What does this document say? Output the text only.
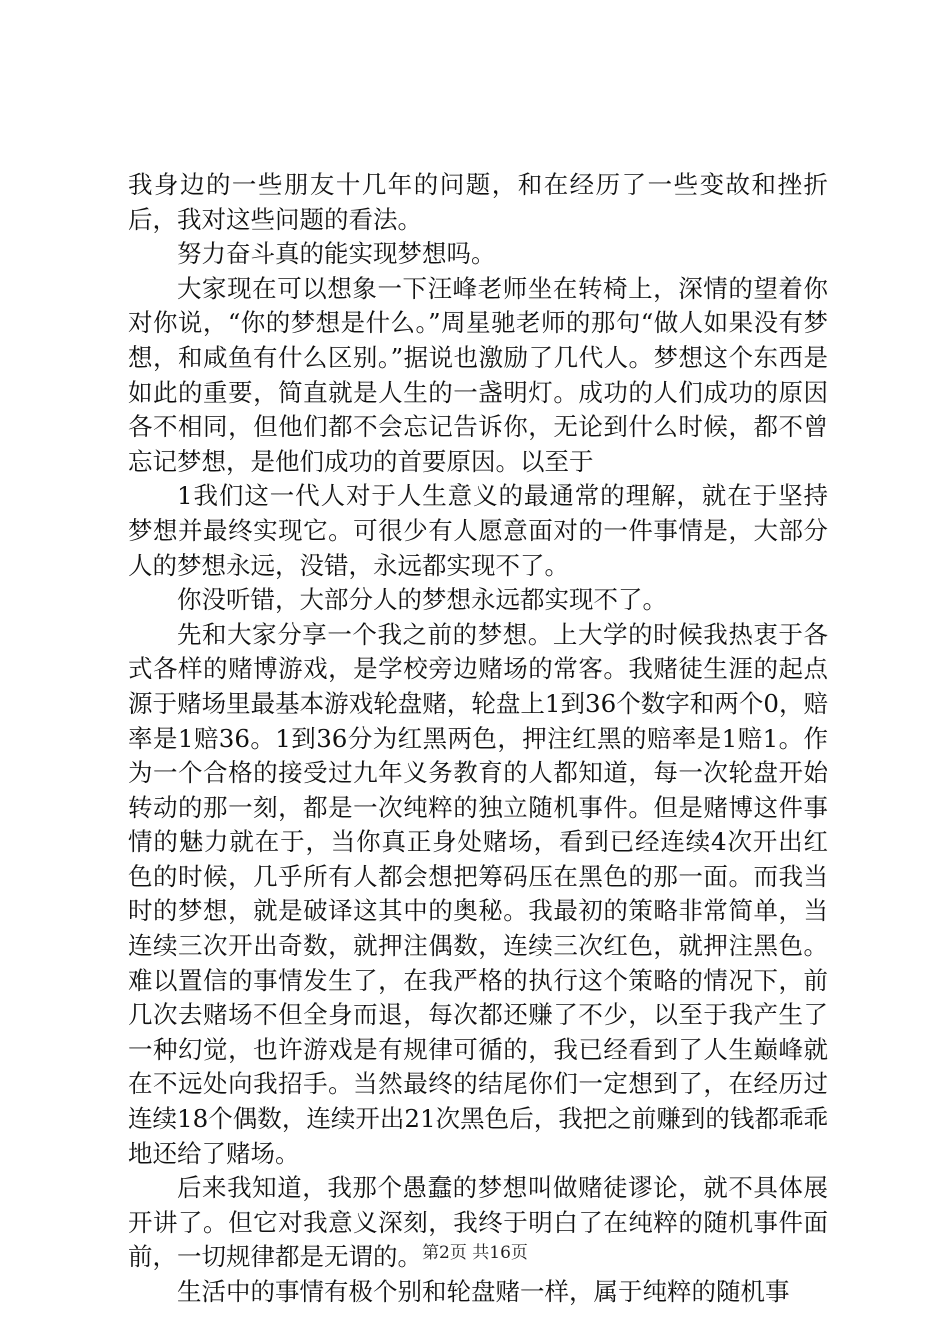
我身边的一些朋友十几年的问题，和在经历了一些变故和挫折后，我对这些问题的看法。

努力奋斗真的能实现梦想吗。

大家现在可以想象一下汪峰老师坐在转椅上，深情的望着你对你说，“你的梦想是什么。”周星驰老师的那句“做人如果没有梦想，和咸鱼有什么区别。”据说也激励了几代人。梦想这个东西是如此的重要，简直就是人生的一盏明灯。成功的人们成功的原因各不相同，但他们都不会忘记告诉你，无论到什么时候，都不曾忘记梦想，是他们成功的首要原因。以至于

1我们这一代人对于人生意义的最通常的理解，就在于坚持梦想并最终实现它。可很少有人愿意面对的一件事情是，大部分人的梦想永远，没错，永远都实现不了。

你没听错，大部分人的梦想永远都实现不了。

先和大家分享一个我之前的梦想。上大学的时候我热衷于各式各样的赌博游戏，是学校旁边赌场的常客。我赌徒生涯的起点源于赌场里最基本游戏轮盘赌，轮盘上1到36个数字和两个0，赔率是1赔36。1到36分为红黑两色，押注红黑的赔率是1赔1。作为一个合格的接受过九年义务教育的人都知道，每一次轮盘开始转动的那一刻，都是一次纯粹的独立随机事件。但是赌博这件事情的魅力就在于，当你真正身处赌场，看到已经连续4次开出红色的时候，几乎所有人都会想把筹码压在黑色的那一面。而我当时的梦想，就是破译这其中的奥秘。我最初的策略非常简单，当连续三次开出奇数，就押注偶数，连续三次红色，就押注黑色。难以置信的事情发生了，在我严格的执行这个策略的情况下，前几次去赌场不但全身而退，每次都还赚了不少，以至于我产生了一种幻觉，也许游戏是有规律可循的，我已经看到了人生巅峰就在不远处向我招手。当然最终的结尾你们一定想到了，在经历过连续18个偶数，连续开出21次黑色后，我把之前赚到的钱都乖乖地还给了赌场。

后来我知道，我那个愚蠢的梦想叫做赌徒谬论，就不具体展开讲了。但它对我意义深刻，我终于明白了在纯粹的随机事件面前，一切规律都是无谓的。

生活中的事情有极个别和轮盘赌一样，属于纯粹的随机事

第2页 共16页
